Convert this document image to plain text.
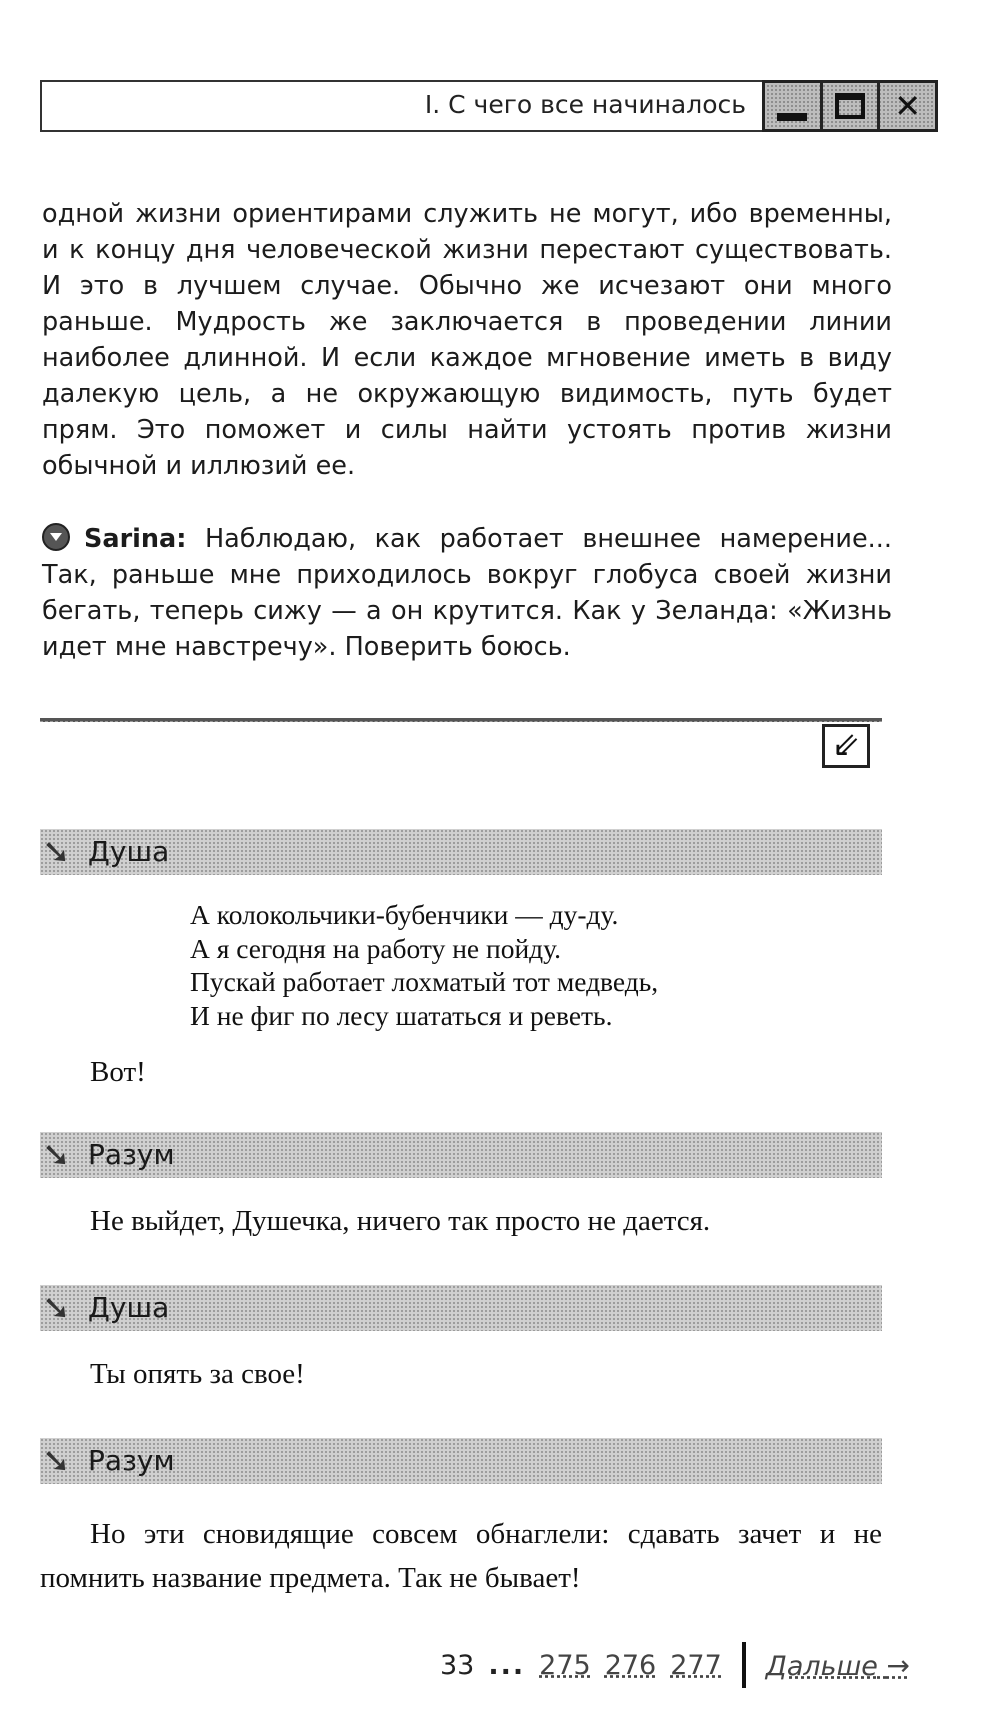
I. С чего все начиналось	✕

одной жизни ориентирами служить не могут, ибо временны, и к концу дня человеческой жизни перестают существовать. И это в лучшем случае. Обычно же исчезают они много раньше. Мудрость же заключается в проведении линии наиболее длинной. И если каждое мгновение иметь в виду далекую цель, а не окружающую видимость, путь будет прям. Это поможет и силы найти устоять против жизни обычной и иллюзий ее.

Sarina: Наблюдаю, как работает внешнее намерение... Так, раньше мне приходилось вокруг глобуса своей жизни бегать, теперь сижу — а он крутится. Как у Зеланда: «Жизнь идет мне навстречу». Поверить боюсь.

⇙
➘ Душа
А колокольчики-бубенчики — ду-ду.
А я сегодня на работу не пойду.
Пускай работает лохматый тот медведь,
И не фиг по лесу шататься и реветь.

Вот!

➘ Разум

Не выйдет, Душечка, ничего так просто не дается.

➘ Душа

Ты опять за свое!

➘ Разум

Но эти сновидящие совсем обнаглели: сдавать зачет и не помнить название предмета. Так не бывает!

33 ... 275 276 277 Дальше →
